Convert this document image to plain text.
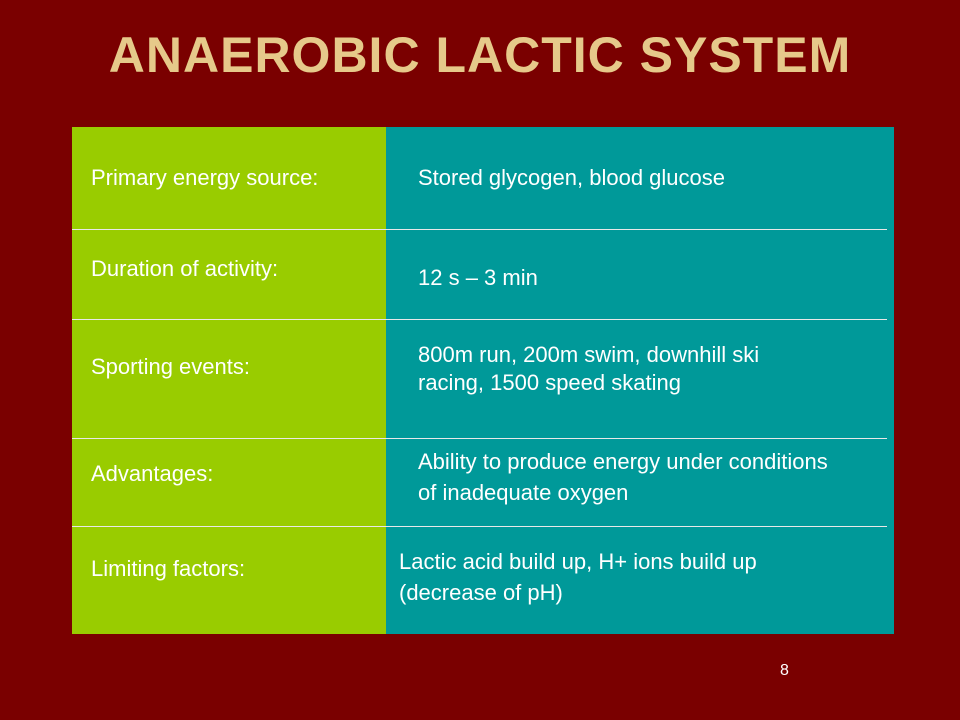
ANAEROBIC LACTIC SYSTEM
Primary energy source:	Stored glycogen, blood glucose
Duration of activity:	12 s – 3 min
Sporting events:	800m run, 200m swim, downhill ski
racing, 1500 speed skating
Advantages:	Ability to produce energy under conditions
of inadequate oxygen
Limiting factors:	Lactic acid build up, H+ ions build up
(decrease of pH)
8
